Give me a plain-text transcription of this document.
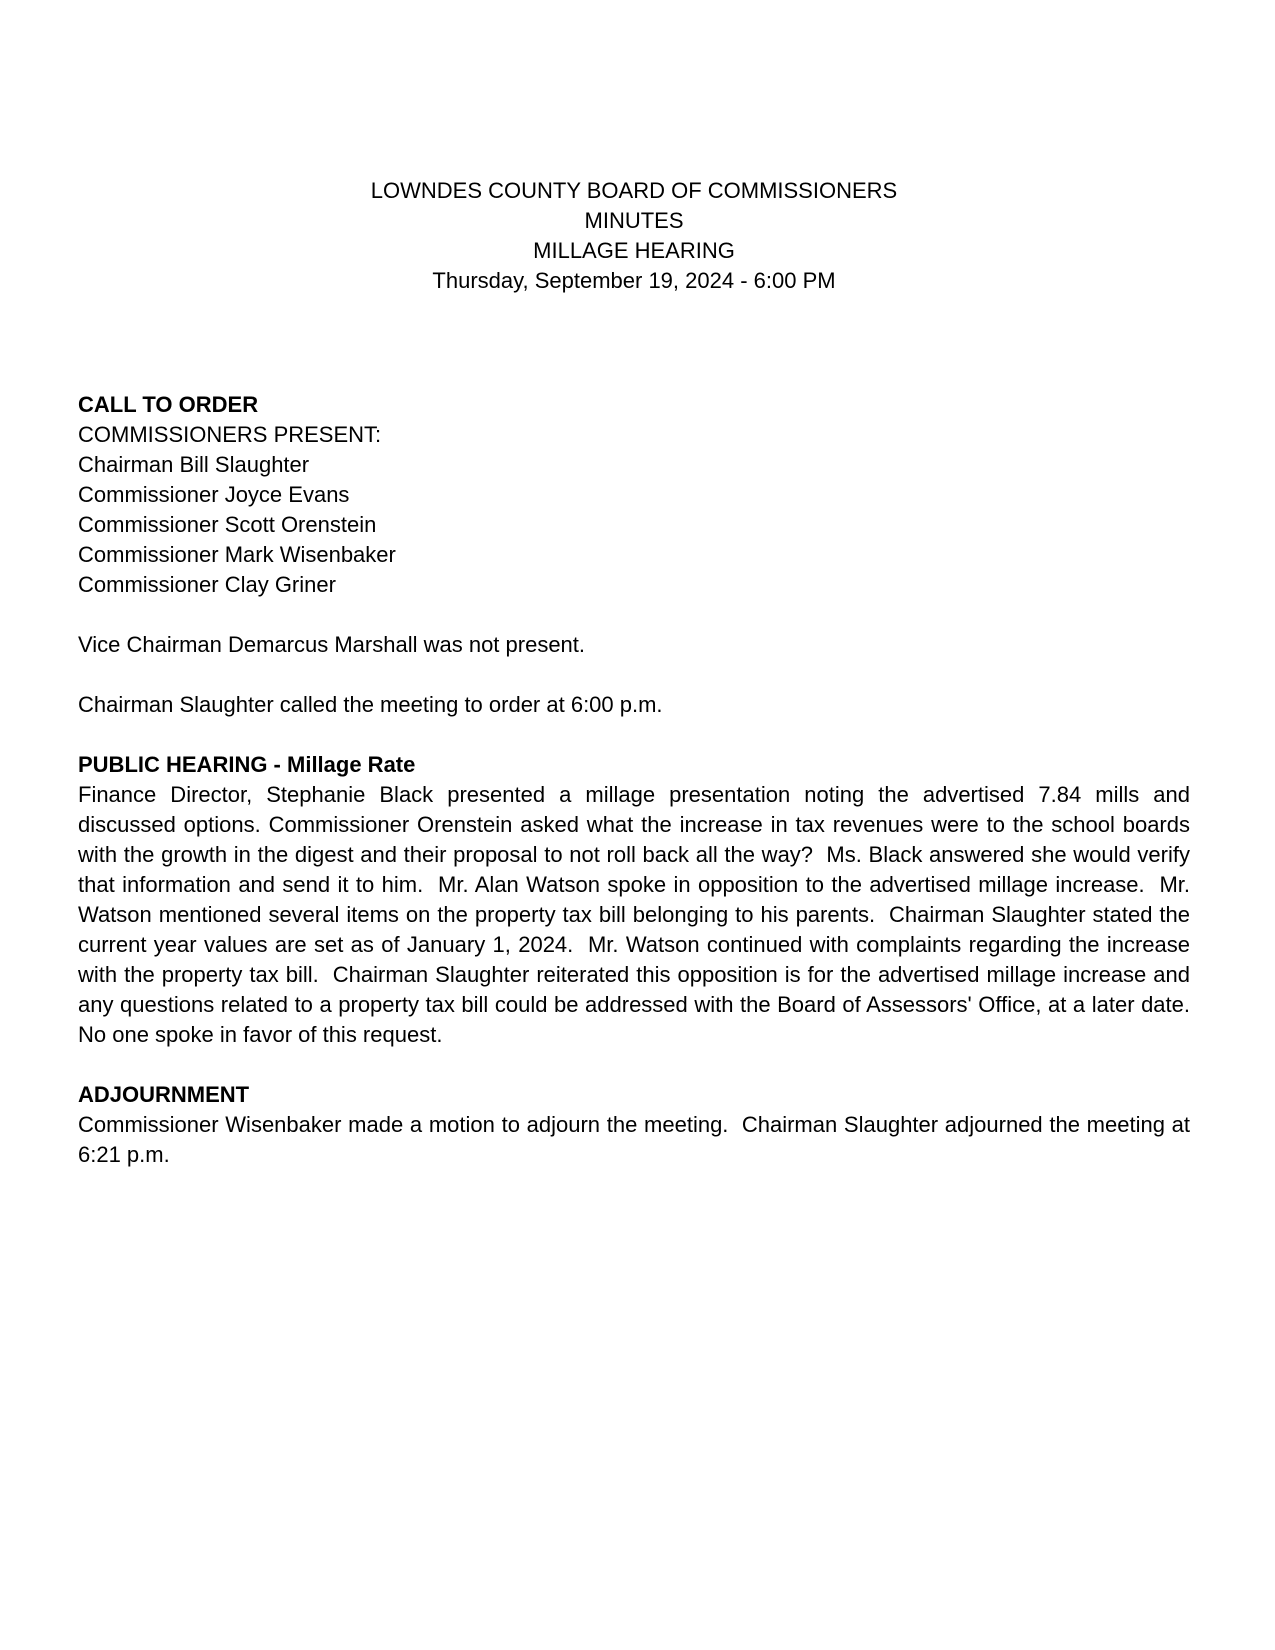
LOWNDES COUNTY BOARD OF COMMISSIONERS
MINUTES
MILLAGE HEARING
Thursday, September 19, 2024 - 6:00 PM
CALL TO ORDER
COMMISSIONERS PRESENT:
Chairman Bill Slaughter
Commissioner Joyce Evans
Commissioner Scott Orenstein
Commissioner Mark Wisenbaker
Commissioner Clay Griner
Vice Chairman Demarcus Marshall was not present.
Chairman Slaughter called the meeting to order at 6:00 p.m.
PUBLIC HEARING - Millage Rate
Finance Director, Stephanie Black presented a millage presentation noting the advertised 7.84 mills and discussed options. Commissioner Orenstein asked what the increase in tax revenues were to the school boards with the growth in the digest and their proposal to not roll back all the way?  Ms. Black answered she would verify that information and send it to him.  Mr. Alan Watson spoke in opposition to the advertised millage increase.  Mr. Watson mentioned several items on the property tax bill belonging to his parents.  Chairman Slaughter stated the current year values are set as of January 1, 2024.  Mr. Watson continued with complaints regarding the increase with the property tax bill.  Chairman Slaughter reiterated this opposition is for the advertised millage increase and any questions related to a property tax bill could be addressed with the Board of Assessors' Office, at a later date.  No one spoke in favor of this request.
ADJOURNMENT
Commissioner Wisenbaker made a motion to adjourn the meeting.  Chairman Slaughter adjourned the meeting at 6:21 p.m.
